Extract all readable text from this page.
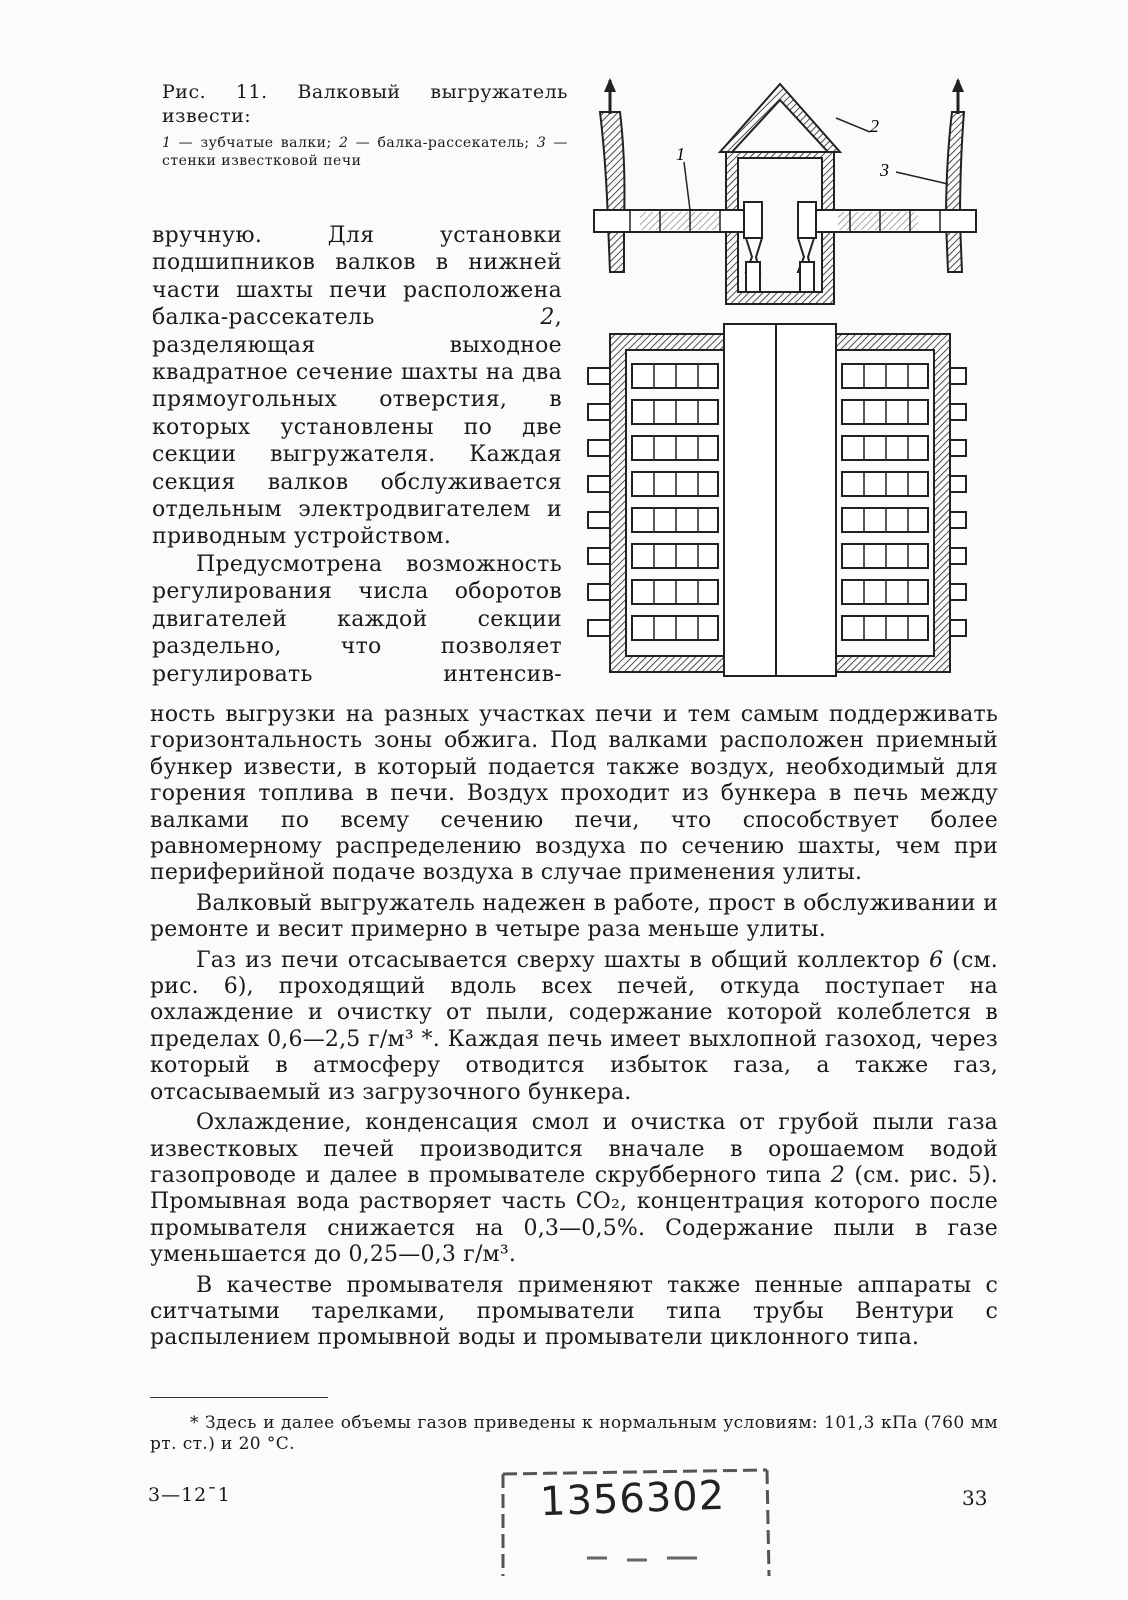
Рис. 11. Валковый выгружатель извести:
1 — зубчатые валки; 2 — балка-рассекатель; 3 — стенки известковой печи

вручную. Для установки подшипников валков в нижней части шахты печи расположена балка-рассекатель	2, разделяющая выходное квадратное сечение шахты на два прямоугольных отверстия, в которых установлены по две секции выгружателя. Каждая секция валков обслуживается отдельным электродвигателем и приводным устройством.

Предусмотрена возможность регулирования числа оборотов двигателей каждой секции раздельно, что позволяет регулировать интенсив-

ность выгрузки на разных участках печи и тем самым поддерживать горизонтальность зоны обжига. Под валками расположен приемный бункер извести, в который подается также воздух, необходимый для горения топлива в печи. Воздух проходит из бункера в печь между валками по всему сечению печи, что способствует более равномерному распределению воздуха по сечению шахты, чем при периферийной подаче воздуха в случае применения улиты.

Валковый выгружатель надежен в работе, прост в обслуживании и ремонте и весит примерно в четыре раза меньше улиты.

Газ из печи отсасывается сверху шахты в общий коллектор 6 (см. рис. 6), проходящий вдоль всех печей, откуда поступает на охлаждение и очистку от пыли, содержание которой колеблется в пределах 0,6—2,5 г/м³ *. Каждая печь имеет выхлопной газоход, через который в атмосферу отводится избыток газа, а также газ, отсасываемый из загрузочного бункера.

Охлаждение, конденсация смол и очистка от грубой пыли газа известковых печей производится вначале в орошаемом водой газопроводе и далее в промывателе скрубберного типа 2 (см. рис. 5). Промывная вода растворяет часть CO₂, концентрация которого после промывателя снижается на 0,3—0,5%. Содержание пыли в газе уменьшается до 0,25—0,3 г/м³.

В качестве промывателя применяют также пенные аппараты с ситчатыми тарелками, промыватели типа трубы Вентури с распылением промывной воды и промыватели циклонного типа.

* Здесь и далее объемы газов приведены к нормальным условиям: 101,3 кПа (760 мм рт. ст.) и 20 °С.
3—12¯1	33
1356302
1
2
3
